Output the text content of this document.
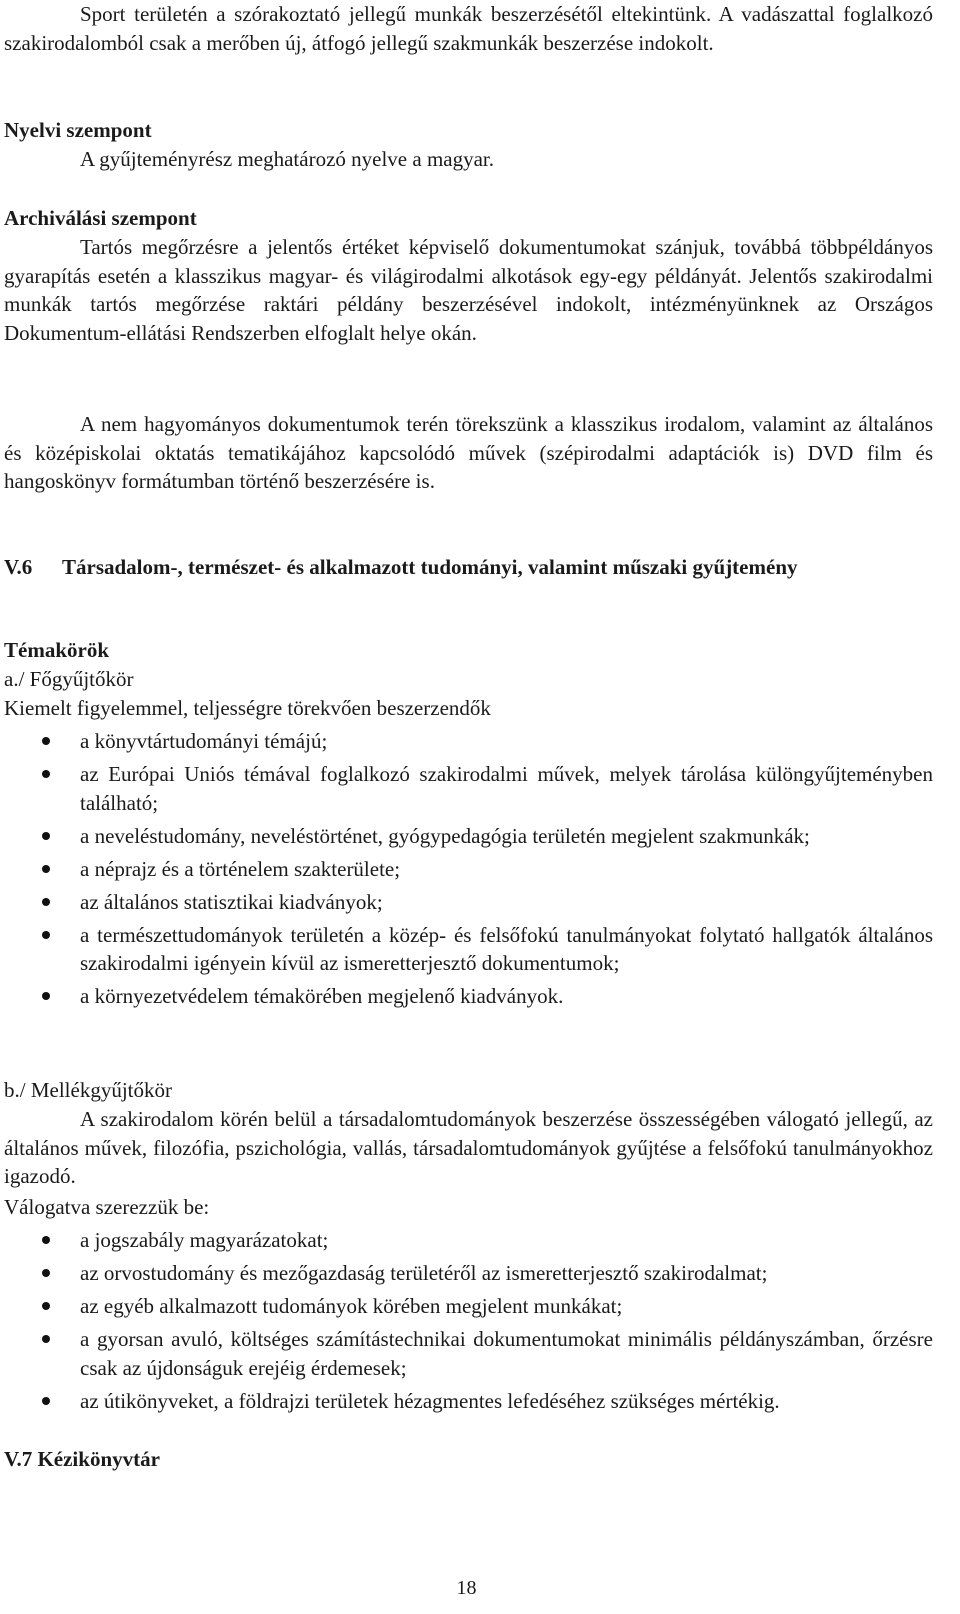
Sport területén a szórakoztató jellegű munkák beszerzésétől eltekintünk. A vadászattal foglalkozó szakirodalomból csak a merőben új, átfogó jellegű szakmunkák beszerzése indokolt.

Nyelvi szempont

A gyűjteményrész meghatározó nyelve a magyar.

Archiválási szempont

Tartós megőrzésre a jelentős értéket képviselő dokumentumokat szánjuk, továbbá többpéldányos gyarapítás esetén a klasszikus magyar- és világirodalmi alkotások egy-egy példányát. Jelentős szakirodalmi munkák tartós megőrzése raktári példány beszerzésével indokolt, intézményünknek az Országos Dokumentum-ellátási Rendszerben elfoglalt helye okán.

A nem hagyományos dokumentumok terén törekszünk a klasszikus irodalom, valamint az általános és középiskolai oktatás tematikájához kapcsolódó művek (szépirodalmi adaptációk is) DVD film és hangoskönyv formátumban történő beszerzésére is.

V.6	Társadalom-, természet- és alkalmazott tudományi, valamint műszaki gyűjtemény
Témakörök
a./ Főgyűjtőkör
Kiemelt figyelemmel, teljességre törekvően beszerzendők
a könyvtártudományi témájú;
az Európai Uniós témával foglalkozó szakirodalmi művek, melyek tárolása különgyűjteményben található;
a neveléstudomány, neveléstörténet, gyógypedagógia területén megjelent szakmunkák;
a néprajz és a történelem szakterülete;
az általános statisztikai kiadványok;
a természettudományok területén a közép- és felsőfokú tanulmányokat folytató hallgatók általános szakirodalmi igényein kívül az ismeretterjesztő dokumentumok;
a környezetvédelem témakörében megjelenő kiadványok.
b./ Mellékgyűjtőkör

A szakirodalom körén belül a társadalomtudományok beszerzése összességében válogató jellegű, az általános művek, filozófia, pszichológia, vallás, társadalomtudományok gyűjtése a felsőfokú tanulmányokhoz igazodó.

Válogatva szerezzük be:
a jogszabály magyarázatokat;
az orvostudomány és mezőgazdaság területéről az ismeretterjesztő szakirodalmat;
az egyéb alkalmazott tudományok körében megjelent munkákat;
a gyorsan avuló, költséges számítástechnikai dokumentumokat minimális példányszámban, őrzésre csak az újdonságuk erejéig érdemesek;
az útikönyveket, a földrajzi területek hézagmentes lefedéséhez szükséges mértékig.
V.7 Kézikönyvtár
18
